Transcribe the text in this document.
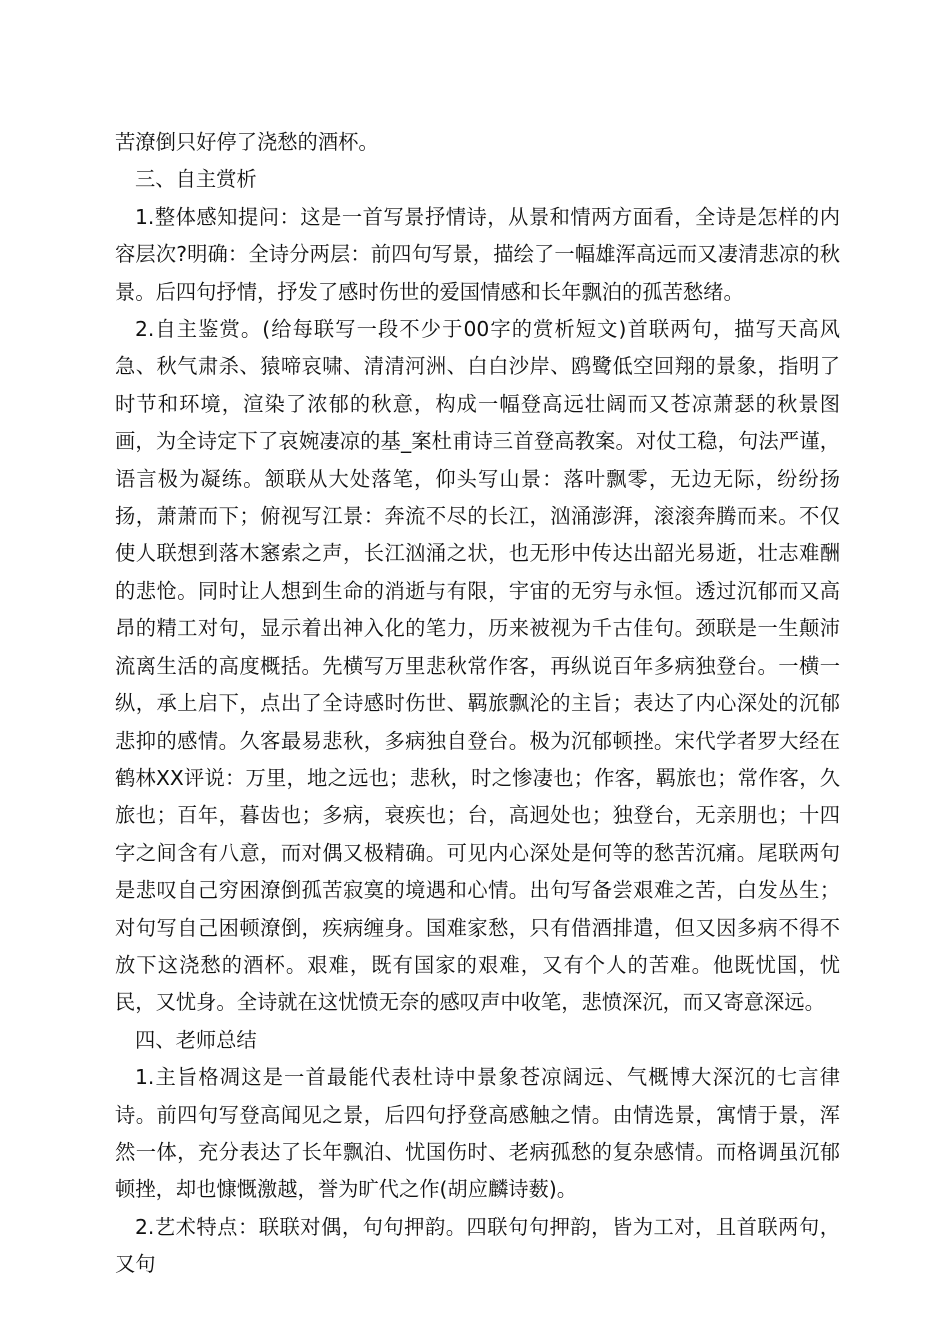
苦潦倒只好停了浇愁的酒杯。

三、自主赏析

1.整体感知提问：这是一首写景抒情诗，从景和情两方面看，全诗是怎样的内容层次?明确：全诗分两层：前四句写景，描绘了一幅雄浑高远而又凄清悲凉的秋景。后四句抒情，抒发了感时伤世的爱国情感和长年飘泊的孤苦愁绪。

2.自主鉴赏。(给每联写一段不少于00字的赏析短文)首联两句，描写天高风急、秋气肃杀、猿啼哀啸、清清河洲、白白沙岸、鸥鹭低空回翔的景象，指明了时节和环境，渲染了浓郁的秋意，构成一幅登高远壮阔而又苍凉萧瑟的秋景图画，为全诗定下了哀婉凄凉的基_案杜甫诗三首登高教案。对仗工稳，句法严谨，语言极为凝练。颔联从大处落笔，仰头写山景：落叶飘零，无边无际，纷纷扬扬，萧萧而下；俯视写江景：奔流不尽的长江，汹涌澎湃，滚滚奔腾而来。不仅使人联想到落木窸索之声，长江汹涌之状，也无形中传达出韶光易逝，壮志难酬的悲怆。同时让人想到生命的消逝与有限，宇宙的无穷与永恒。透过沉郁而又高昂的精工对句，显示着出神入化的笔力，历来被视为千古佳句。颈联是一生颠沛流离生活的高度概括。先横写万里悲秋常作客，再纵说百年多病独登台。一横一纵，承上启下，点出了全诗感时伤世、羁旅飘沦的主旨；表达了内心深处的沉郁悲抑的感情。久客最易悲秋，多病独自登台。极为沉郁顿挫。宋代学者罗大经在鹤林XX评说：万里，地之远也；悲秋，时之惨凄也；作客，羁旅也；常作客，久旅也；百年，暮齿也；多病，衰疾也；台，高迥处也；独登台，无亲朋也；十四字之间含有八意，而对偶又极精确。可见内心深处是何等的愁苦沉痛。尾联两句是悲叹自己穷困潦倒孤苦寂寞的境遇和心情。出句写备尝艰难之苦，白发丛生；对句写自己困顿潦倒，疾病缠身。国难家愁，只有借酒排遣，但又因多病不得不放下这浇愁的酒杯。艰难，既有国家的艰难，又有个人的苦难。他既忧国，忧民，又忧身。全诗就在这忧愤无奈的感叹声中收笔，悲愤深沉，而又寄意深远。

四、老师总结

1.主旨格凋这是一首最能代表杜诗中景象苍凉阔远、气概博大深沉的七言律诗。前四句写登高闻见之景，后四句抒登高感触之情。由情选景，寓情于景，浑然一体，充分表达了长年飘泊、忧国伤时、老病孤愁的复杂感情。而格调虽沉郁顿挫，却也慷慨激越，誉为旷代之作(胡应麟诗薮)。

2.艺术特点：联联对偶，句句押韵。四联句句押韵，皆为工对，且首联两句，又句
